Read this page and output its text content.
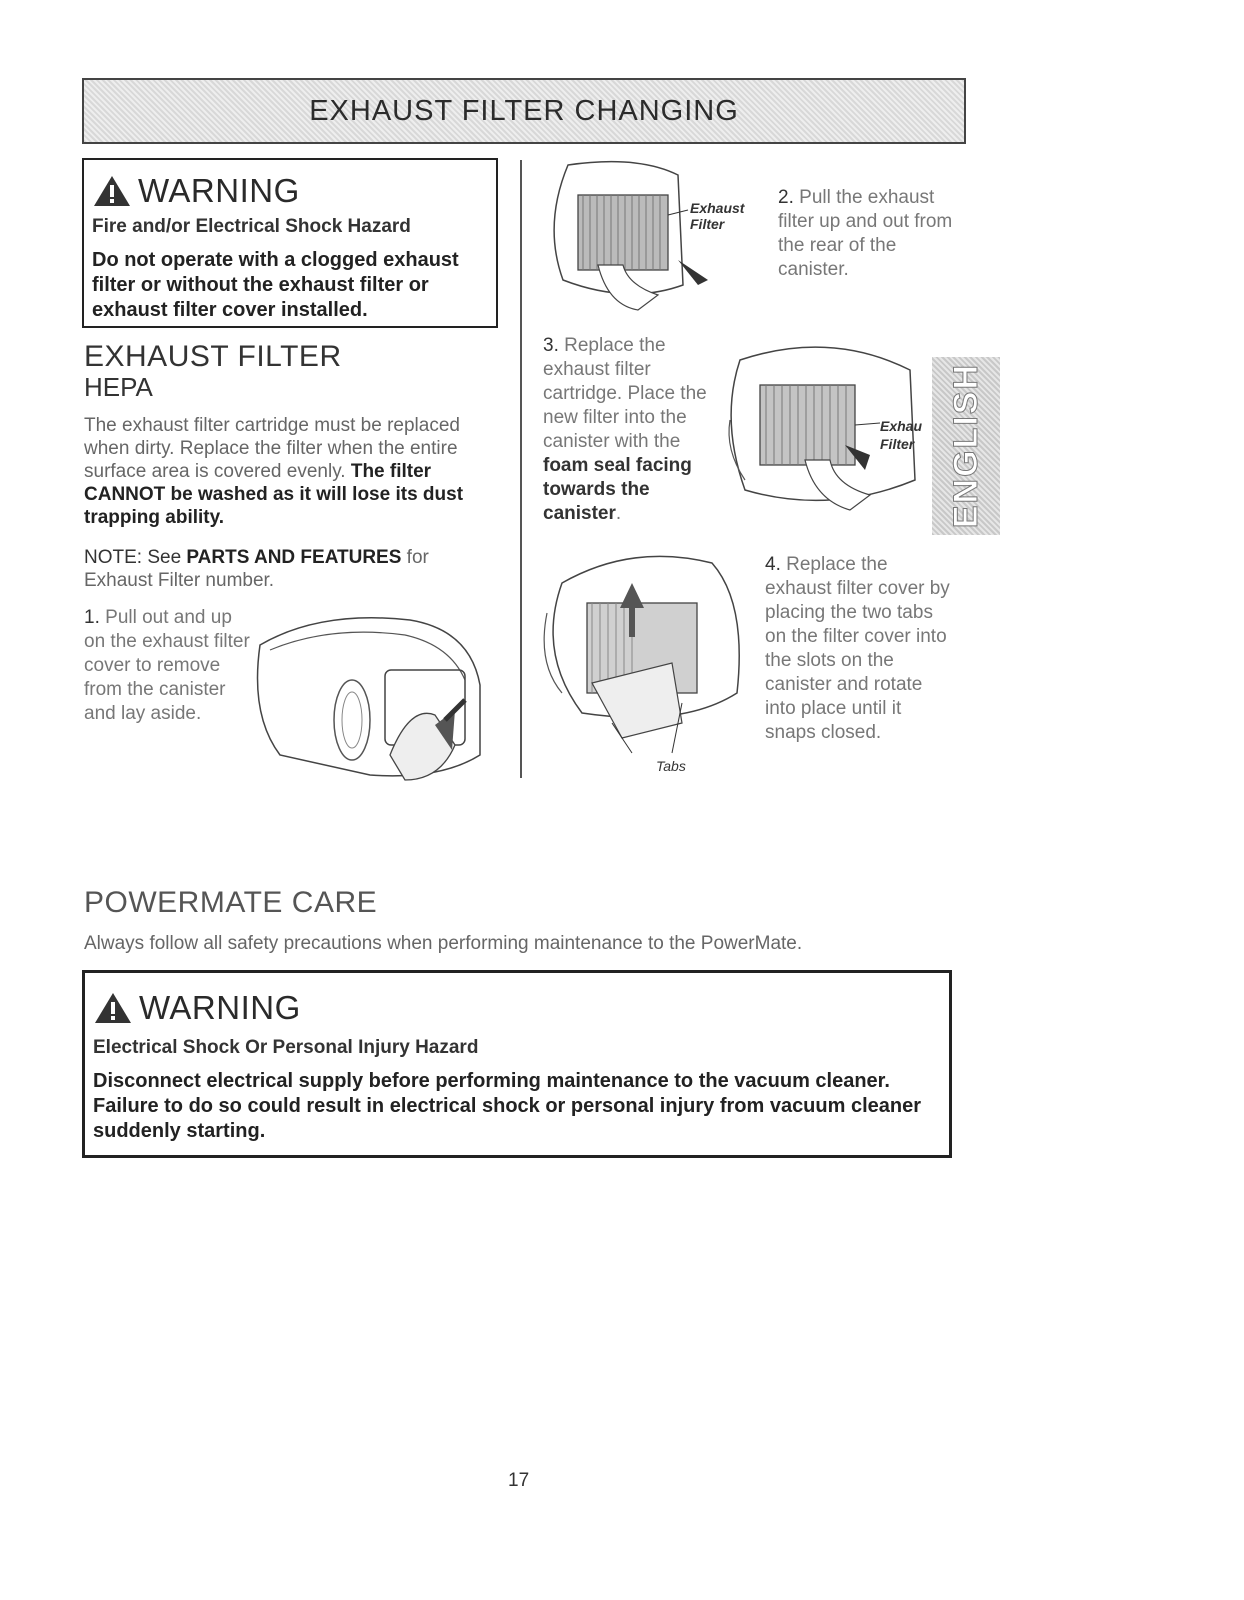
EXHAUST FILTER CHANGING
WARNING
Fire and/or Electrical Shock Hazard
Do not operate with a clogged exhaust filter or without the exhaust filter or exhaust filter cover installed.
EXHAUST FILTER
HEPA
The exhaust filter cartridge must be replaced when dirty. Replace the filter when the entire surface area is covered evenly. The filter CANNOT be washed as it will lose its dust trapping ability.
NOTE: See PARTS AND FEATURES for Exhaust Filter number.
1. Pull out and up on the exhaust filter cover to remove from the canister and lay aside.
Exhaust
Filter
2. Pull the exhaust filter up and out from the rear of the canister.
3. Replace the exhaust filter cartridge. Place the new filter into the canister with the foam seal facing towards the canister.
Exhau
Filter ENGLISH
Tabs
4. Replace the exhaust filter cover by placing the two tabs on the filter cover into the slots on the canister and rotate into place until it snaps closed.
POWERMATE CARE
Always follow all safety precautions when performing maintenance to the PowerMate.
WARNING
Electrical Shock Or Personal Injury Hazard
Disconnect electrical supply before performing maintenance to the vacuum cleaner. Failure to do so could result in electrical shock or personal injury from vacuum cleaner suddenly starting.
17
